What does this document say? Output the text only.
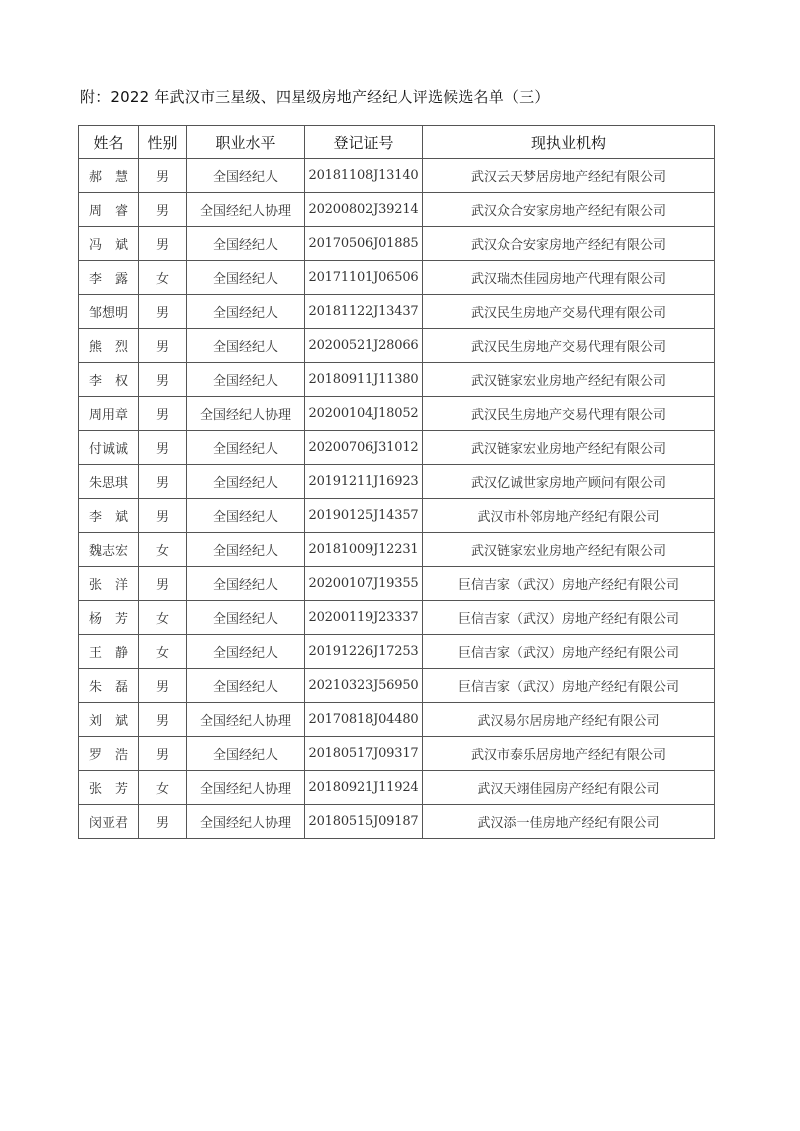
附：2022 年武汉市三星级、四星级房地产经纪人评选候选名单（三）
姓名	性别	职业水平	登记证号	现执业机构
郝　慧	男	全国经纪人	20181108J13140	武汉云天梦居房地产经纪有限公司
周　睿	男	全国经纪人协理	20200802J39214	武汉众合安家房地产经纪有限公司
冯　斌	男	全国经纪人	20170506J01885	武汉众合安家房地产经纪有限公司
李　露	女	全国经纪人	20171101J06506	武汉瑞杰佳园房地产代理有限公司
邹想明	男	全国经纪人	20181122J13437	武汉民生房地产交易代理有限公司
熊　烈	男	全国经纪人	20200521J28066	武汉民生房地产交易代理有限公司
李　权	男	全国经纪人	20180911J11380	武汉链家宏业房地产经纪有限公司
周用章	男	全国经纪人协理	20200104J18052	武汉民生房地产交易代理有限公司
付诚诚	男	全国经纪人	20200706J31012	武汉链家宏业房地产经纪有限公司
朱思琪	男	全国经纪人	20191211J16923	武汉亿诚世家房地产顾问有限公司
李　斌	男	全国经纪人	20190125J14357	武汉市朴邻房地产经纪有限公司
魏志宏	女	全国经纪人	20181009J12231	武汉链家宏业房地产经纪有限公司
张　洋	男	全国经纪人	20200107J19355	巨信吉家（武汉）房地产经纪有限公司
杨　芳	女	全国经纪人	20200119J23337	巨信吉家（武汉）房地产经纪有限公司
王　静	女	全国经纪人	20191226J17253	巨信吉家（武汉）房地产经纪有限公司
朱　磊	男	全国经纪人	20210323J56950	巨信吉家（武汉）房地产经纪有限公司
刘　斌	男	全国经纪人协理	20170818J04480	武汉易尔居房地产经纪有限公司
罗　浩	男	全国经纪人	20180517J09317	武汉市泰乐居房地产经纪有限公司
张　芳	女	全国经纪人协理	20180921J11924	武汉天翊佳园房产经纪有限公司
闵亚君	男	全国经纪人协理	20180515J09187	武汉添一佳房地产经纪有限公司
